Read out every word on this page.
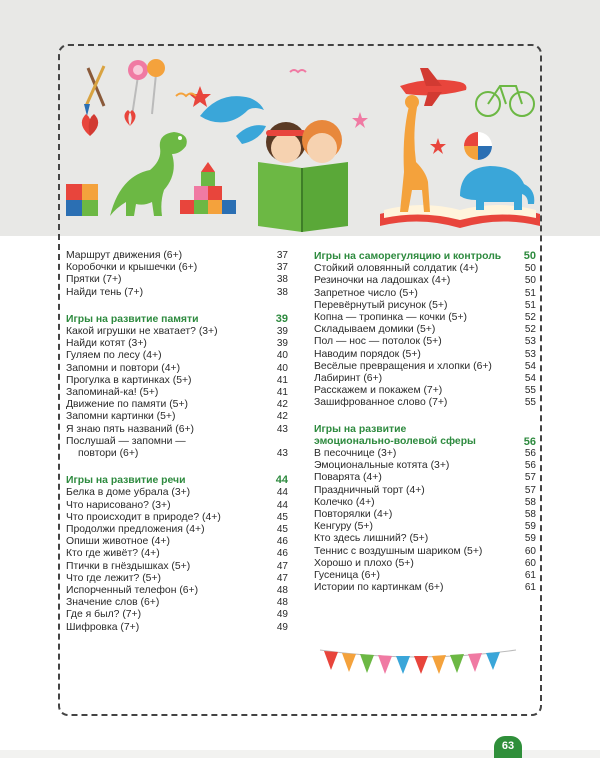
Маршрут движения (6+)	37
Коробочки и крышечки (6+)	37
Прятки (7+)	38
Найди тень (7+)	38
Игры на развитие памяти	39
Какой игрушки не хватает? (3+)	39
Найди котят (3+)	39
Гуляем по лесу (4+)	40
Запомни и повтори (4+)	40
Прогулка в картинках (5+)	41
Запоминай-ка! (5+)	41
Движение по памяти (5+)	42
Запомни картинки (5+)	42
Я знаю пять названий (6+)	43
Послушай — запомни —
повтори (6+)	43
Игры на развитие речи	44
Белка в доме убрала (3+)	44
Что нарисовано? (3+)	44
Что происходит в природе? (4+)	45
Продолжи предложения (4+)	45
Опиши животное (4+)	46
Кто где живёт? (4+)	46
Птички в гнёздышках (5+)	47
Что где лежит? (5+)	47
Испорченный телефон (6+)	48
Значение слов (6+)	48
Где я был? (7+)	49
Шифровка (7+)	49
Игры на саморегуляцию и контроль 50
Стойкий оловянный солдатик (4+)	50
Резиночки на ладошках (4+)	50
Запретное число (5+)	51
Перевёрнутый рисунок (5+)	51
Копна — тропинка — кочки (5+)	52
Складываем домики (5+)	52
Пол — нос — потолок (5+)	53
Наводим порядок (5+)	53
Весёлые превращения и хлопки (6+)	54
Лабиринт (6+)	54
Расскажем и покажем (7+)	55
Зашифрованное слово (7+)	55
Игры на развитие
эмоционально-волевой сферы	56
В песочнице (3+)	56
Эмоциональные котята (3+)	56
Поварята (4+)	57
Праздничный торт (4+)	57
Колечко (4+)	58
Повторялки (4+)	58
Кенгуру (5+)	59
Кто здесь лишний? (5+)	59
Теннис с воздушным шариком (5+)	60
Хорошо и плохо (5+)	60
Гусеница (6+)	61
Истории по картинкам (6+)	61
63
